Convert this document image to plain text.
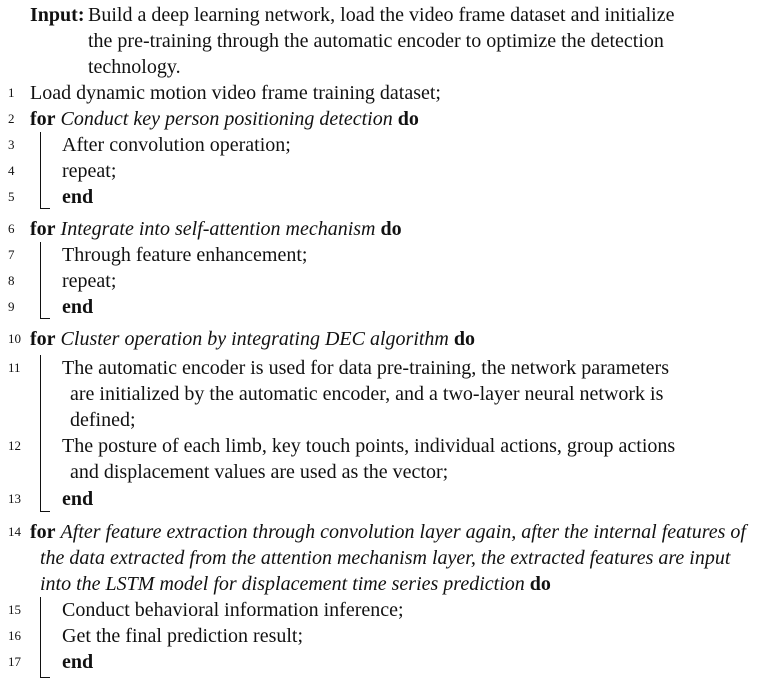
Input: Build a deep learning network, load the video frame dataset and initialize
the pre-training through the automatic encoder to optimize the detection
technology.
1 Load dynamic motion video frame training dataset;
2 for Conduct key person positioning detection do
3	After convolution operation;
4	repeat;
5	end
6 for Integrate into self-attention mechanism do
7	Through feature enhancement;
8	repeat;
9	end
10 for Cluster operation by integrating DEC algorithm do
11 The automatic encoder is used for data pre-training, the network parameters
are initialized by the automatic encoder, and a two-layer neural network is
defined;
12 The posture of each limb, key touch points, individual actions, group actions
and displacement values are used as the vector;
13 end
14 for After feature extraction through convolution layer again, after the internal features of
the data extracted from the attention mechanism layer, the extracted features are input
into the LSTM model for displacement time series prediction do
15 Conduct behavioral information inference;
16 Get the final prediction result;
17 end
